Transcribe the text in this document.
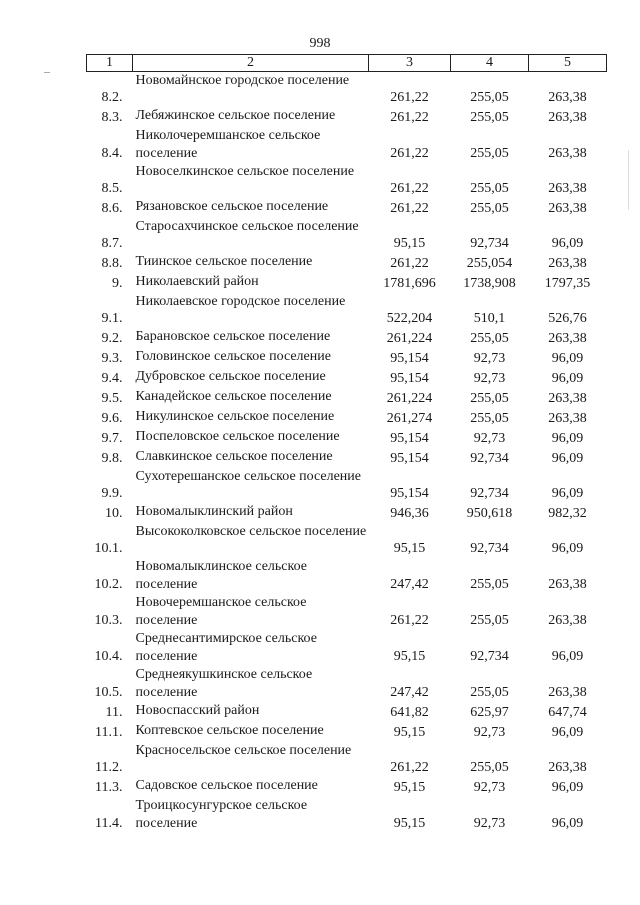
998
1	2	3	4	5
8.2.	Новомайнское городское поселение	261,22	255,05	263,38
8.3.	Лебяжинское сельское поселение	261,22	255,05	263,38
8.4.	Николочеремшанское сельское поселение	261,22	255,05	263,38
8.5.	Новоселкинское сельское поселение	261,22	255,05	263,38
8.6.	Рязановское сельское поселение	261,22	255,05	263,38
8.7.	Старосахчинское сельское поселение	95,15	92,734	96,09
8.8.	Тиинское сельское поселение	261,22	255,054	263,38
9.	Николаевский район	1781,696	1738,908	1797,35
9.1.	Николаевское городское поселение	522,204	510,1	526,76
9.2.	Барановское сельское поселение	261,224	255,05	263,38
9.3.	Головинское сельское поселение	95,154	92,73	96,09
9.4.	Дубровское сельское поселение	95,154	92,73	96,09
9.5.	Канадейское сельское поселение	261,224	255,05	263,38
9.6.	Никулинское сельское поселение	261,274	255,05	263,38
9.7.	Поспеловское сельское поселение	95,154	92,73	96,09
9.8.	Славкинское сельское поселение	95,154	92,734	96,09
9.9.	Сухотерешанское сельское поселение	95,154	92,734	96,09
10.	Новомалыклинский район	946,36	950,618	982,32
10.1.	Высококолковское сельское поселение	95,15	92,734	96,09
10.2.	Новомалыклинское сельское поселение	247,42	255,05	263,38
10.3.	Новочеремшанское сельское поселение	261,22	255,05	263,38
10.4.	Среднесантимирское сельское поселение	95,15	92,734	96,09
10.5.	Среднеякушкинское сельское поселение	247,42	255,05	263,38
11.	Новоспасский район	641,82	625,97	647,74
11.1.	Коптевское сельское поселение	95,15	92,73	96,09
11.2.	Красносельское сельское поселение	261,22	255,05	263,38
11.3.	Садовское сельское поселение	95,15	92,73	96,09
11.4.	Троицкосунгурское сельское поселение	95,15	92,73	96,09
